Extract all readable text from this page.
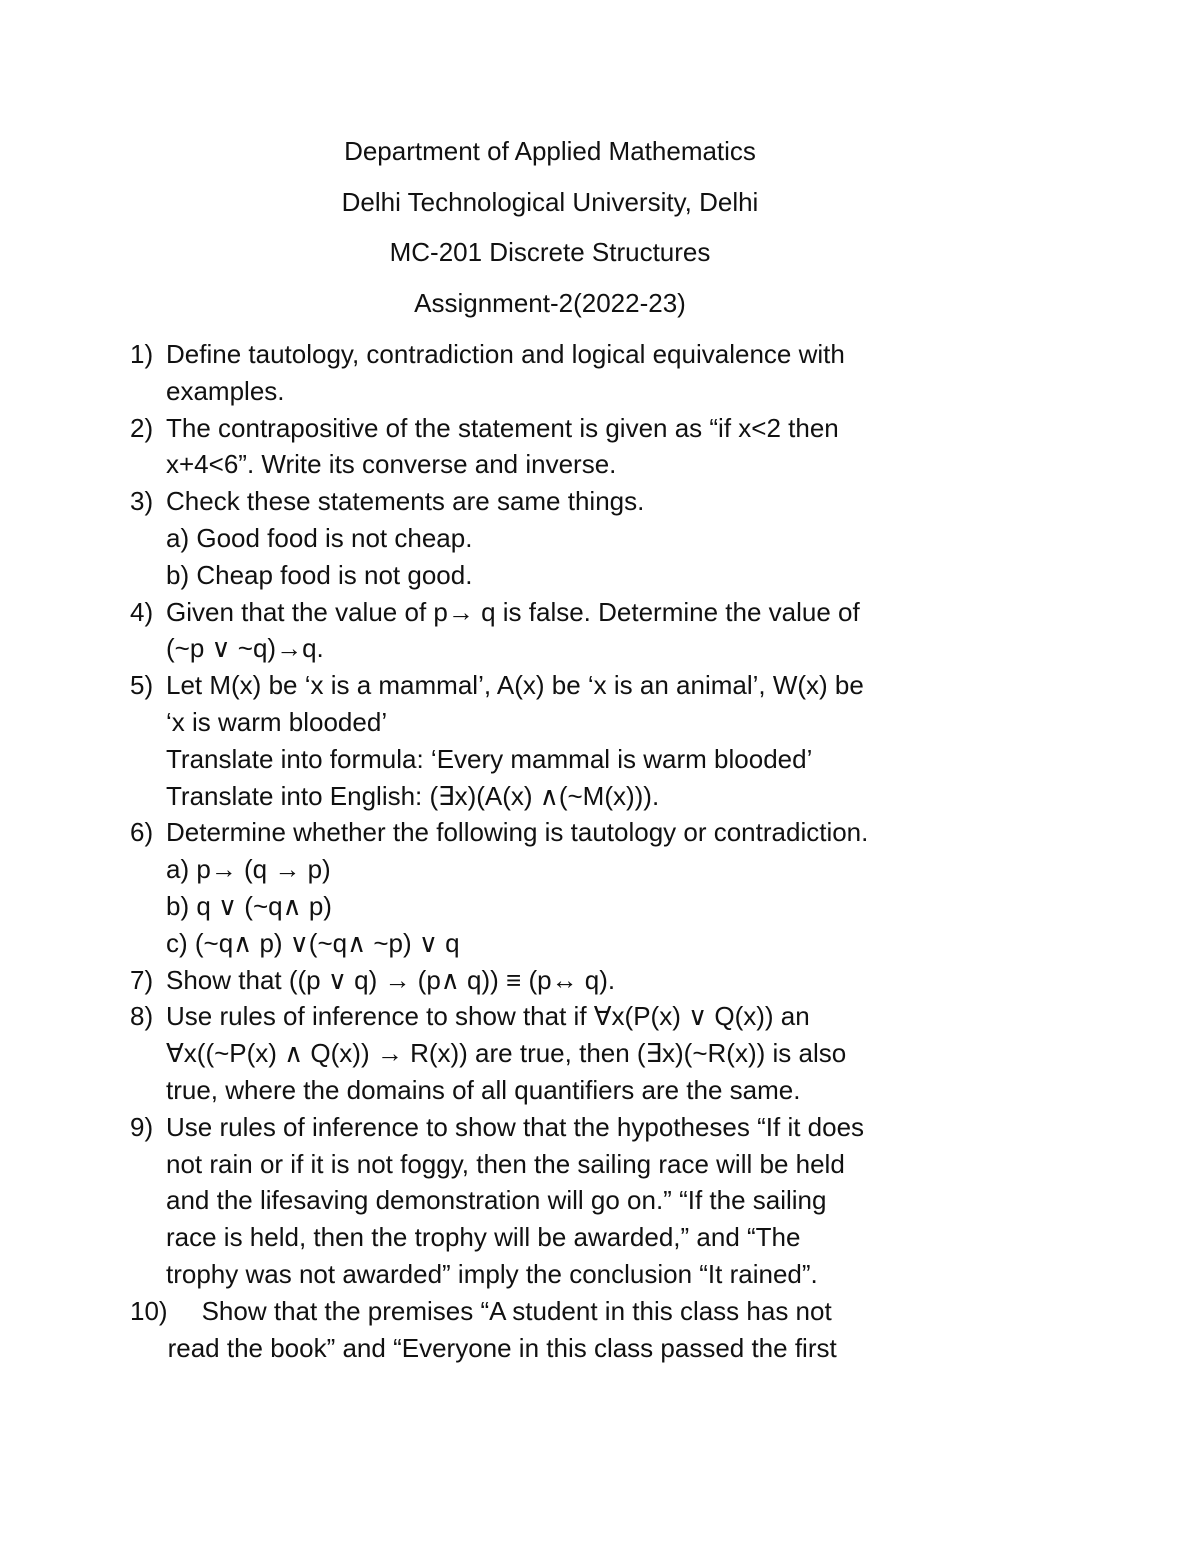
Department of Applied Mathematics
Delhi Technological University, Delhi
MC-201 Discrete Structures
Assignment-2(2022-23)
1) Define tautology, contradiction and logical equivalence with
examples.
2) The contrapositive of the statement is given as “if x<2 then
x+4<6”. Write its converse and inverse.
3) Check these statements are same things.
a) Good food is not cheap.
b) Cheap food is not good.
4) Given that the value of p→ q is false. Determine the value of
(~p ∨ ~q)→q.
5) Let M(x) be ‘x is a mammal’, A(x) be ‘x is an animal’, W(x) be
‘x is warm blooded’
Translate into formula: ‘Every mammal is warm blooded’
Translate into English: (∃x)(A(x) ∧(~M(x))).
6) Determine whether the following is tautology or contradiction.
a) p→ (q → p)
b) q ∨ (~q∧ p)
c) (~q∧ p) ∨(~q∧ ~p) ∨ q
7) Show that ((p ∨ q) → (p∧ q)) ≡ (p↔ q).
8) Use rules of inference to show that if ∀x(P(x) ∨ Q(x)) an
∀x((~P(x) ∧ Q(x)) → R(x)) are true, then (∃x)(~R(x)) is also
true, where the domains of all quantifiers are the same.
9) Use rules of inference to show that the hypotheses “If it does
not rain or if it is not foggy, then the sailing race will be held
and the lifesaving demonstration will go on.” “If the sailing
race is held, then the trophy will be awarded,” and “The
trophy was not awarded” imply the conclusion “It rained”.
10)	Show that the premises “A student in this class has not
read the book” and “Everyone in this class passed the first
